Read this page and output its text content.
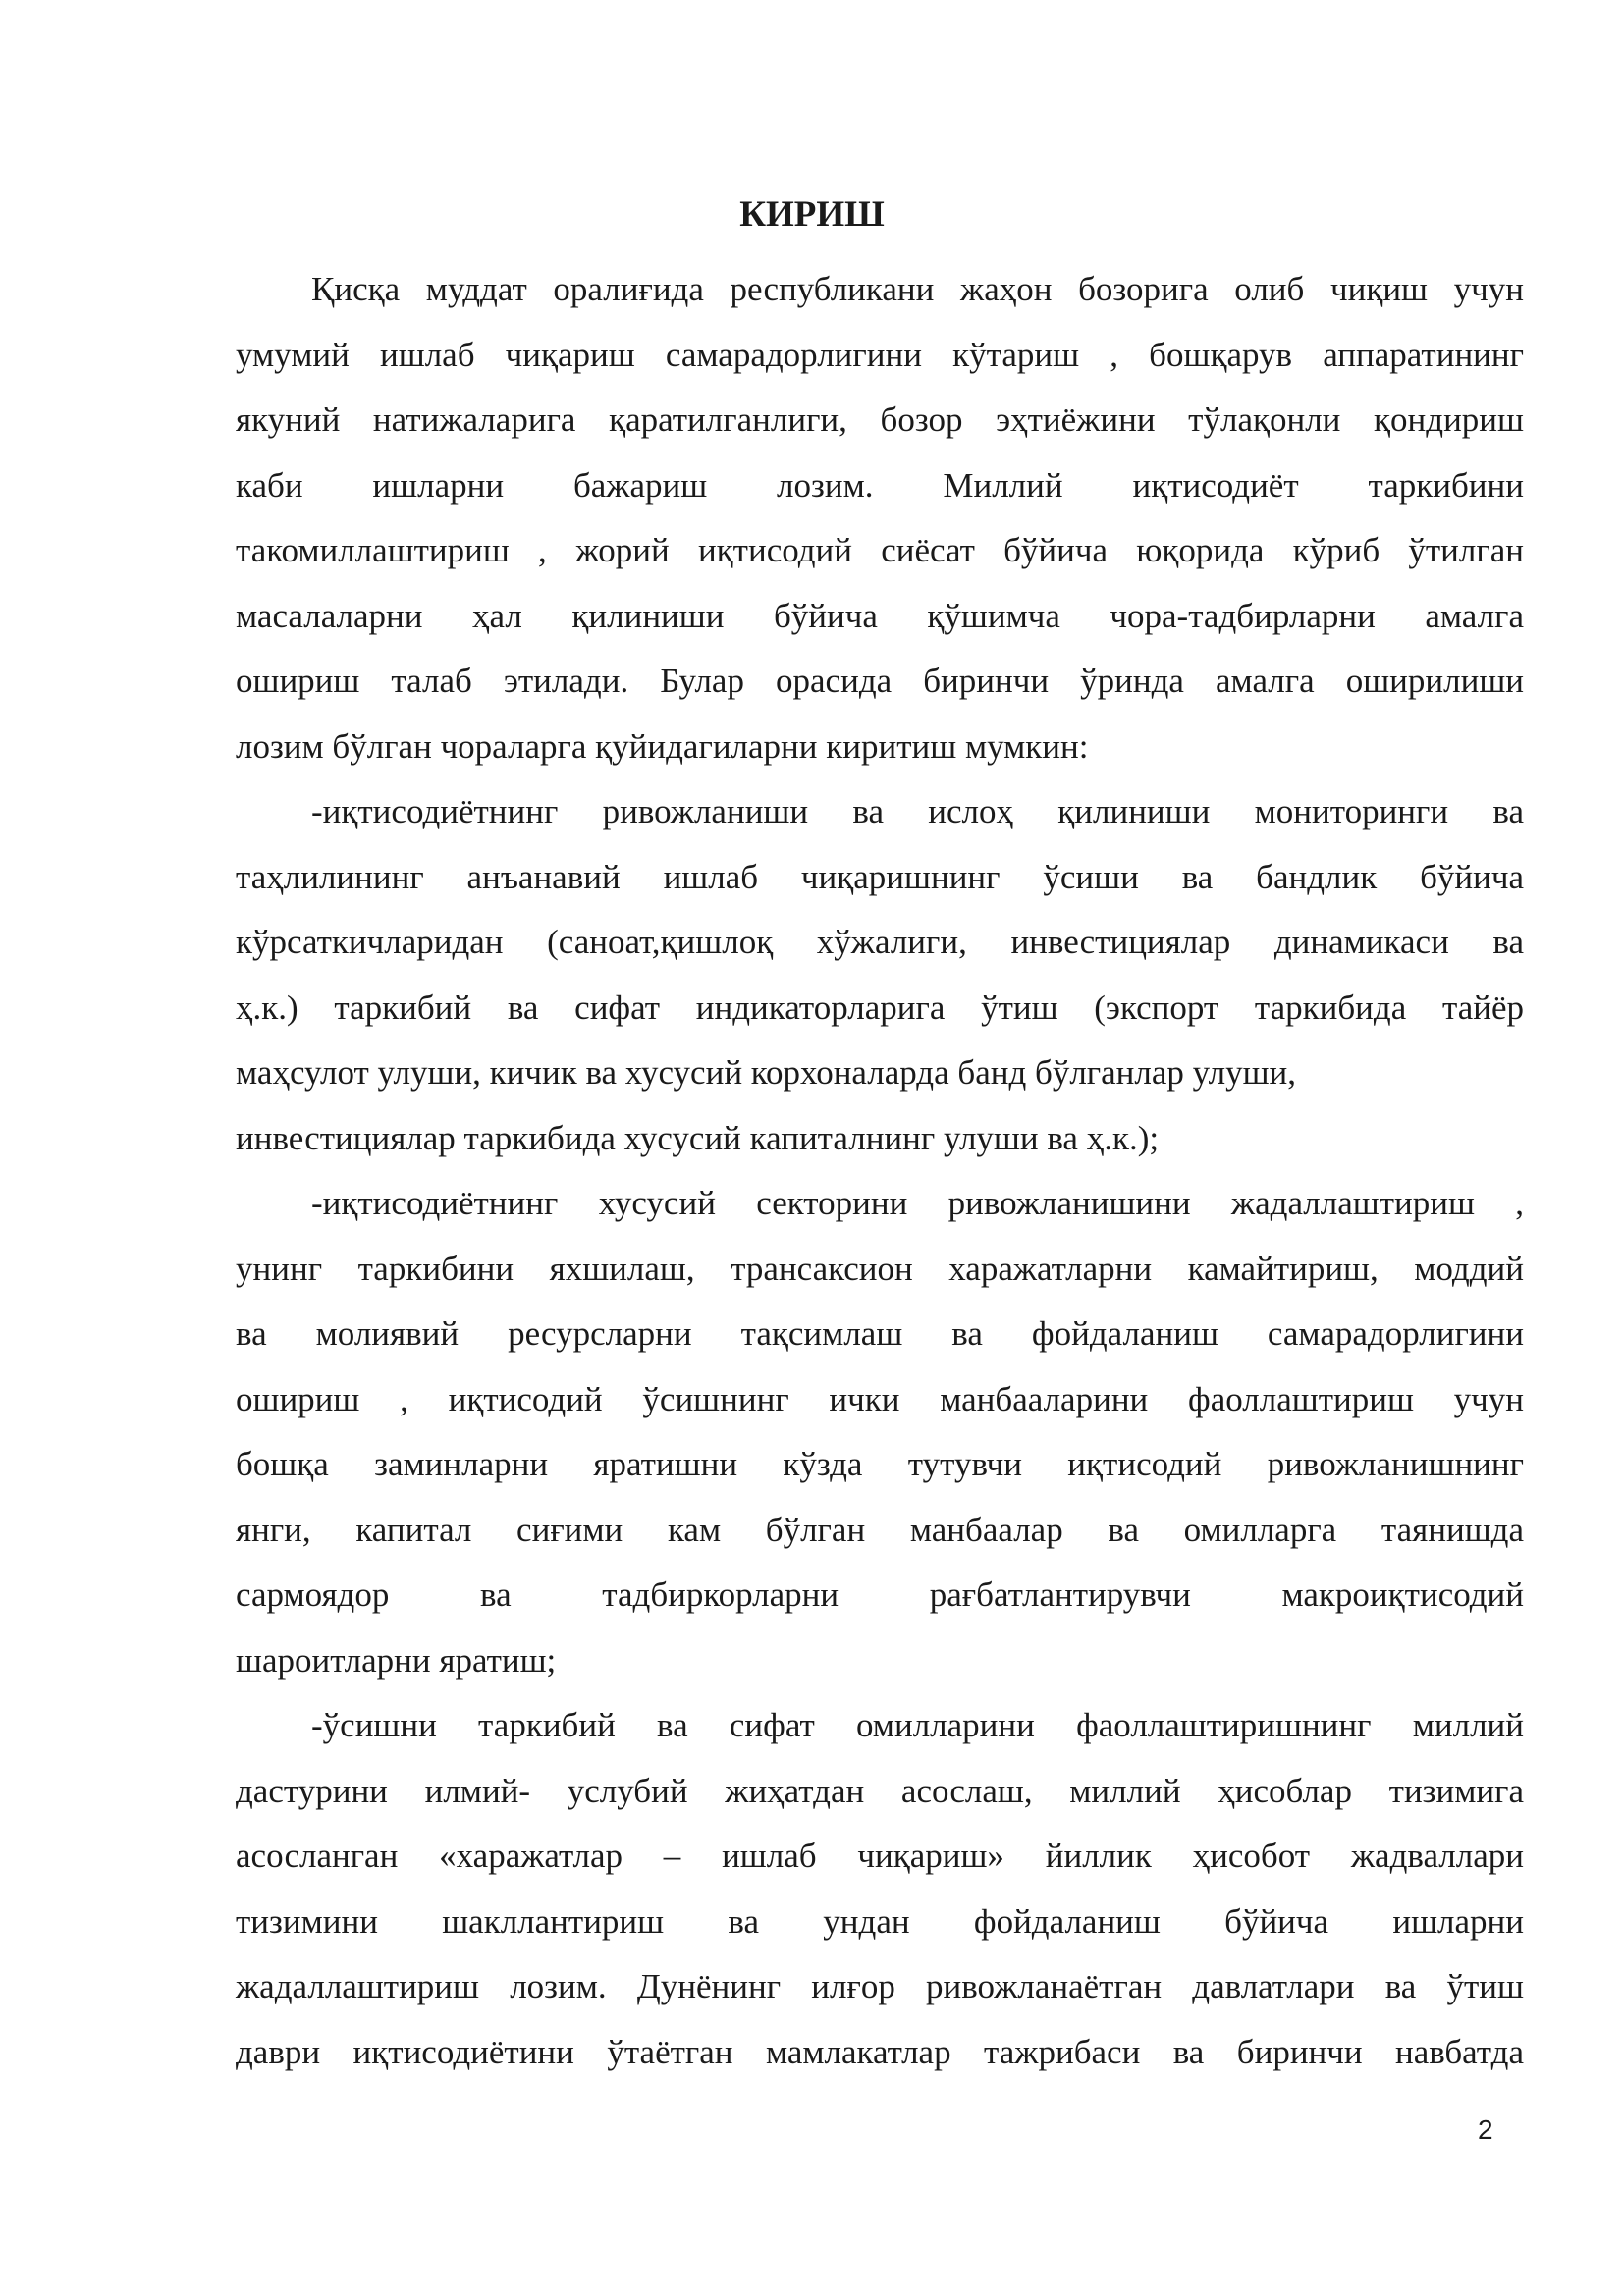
КИРИШ
Қисқа муддат оралиғида республикани жаҳон бозорига олиб чиқиш учун
умумий ишлаб чиқариш самарадорлигини кўтариш , бошқарув аппаратининг
якуний натижаларига қаратилганлиги, бозор эҳтиёжини тўлақонли қондириш
каби ишларни бажариш лозим. Миллий иқтисодиёт таркибини
такомиллаштириш , жорий иқтисодий сиёсат бўйича юқорида кўриб ўтилган
масалаларни ҳал қилиниши бўйича қўшимча чора-тадбирларни амалга
ошириш талаб этилади. Булар орасида биринчи ўринда амалга оширилиши
лозим бўлган чораларга қуйидагиларни киритиш мумкин:
-иқтисодиётнинг ривожланиши ва ислоҳ қилиниши мониторинги ва
таҳлилининг анъанавий ишлаб чиқаришнинг ўсиши ва бандлик бўйича
кўрсаткичларидан (саноат,қишлоқ хўжалиги, инвестициялар динамикаси ва
ҳ.к.) таркибий ва сифат индикаторларига ўтиш (экспорт таркибида тайёр
маҳсулот улуши, кичик ва хусусий корхоналарда банд бўлганлар улуши,
инвестициялар таркибида хусусий капиталнинг улуши ва ҳ.к.);
-иқтисодиётнинг хусусий секторини ривожланишини жадаллаштириш ,
унинг таркибини яхшилаш, трансаксион харажатларни камайтириш, моддий
ва молиявий ресурсларни тақсимлаш ва фойдаланиш самарадорлигини
ошириш , иқтисодий ўсишнинг ички манбааларини фаоллаштириш учун
бошқа заминларни яратишни кўзда тутувчи иқтисодий ривожланишнинг
янги, капитал сиғими кам бўлган манбаалар ва омилларга таянишда
сармоядор ва тадбиркорларни рағбатлантирувчи макроиқтисодий
шароитларни яратиш;
-ўсишни таркибий ва сифат омилларини фаоллаштиришнинг миллий
дастурини илмий- услубий жиҳатдан асослаш, миллий ҳисоблар тизимига
асосланган «харажатлар – ишлаб чиқариш» йиллик ҳисобот жадваллари
тизимини шакллантириш ва ундан фойдаланиш бўйича ишларни
жадаллаштириш лозим. Дунёнинг илғор ривожланаётган давлатлари ва ўтиш
даври иқтисодиётини ўтаётган мамлакатлар тажрибаси ва биринчи навбатда
2
